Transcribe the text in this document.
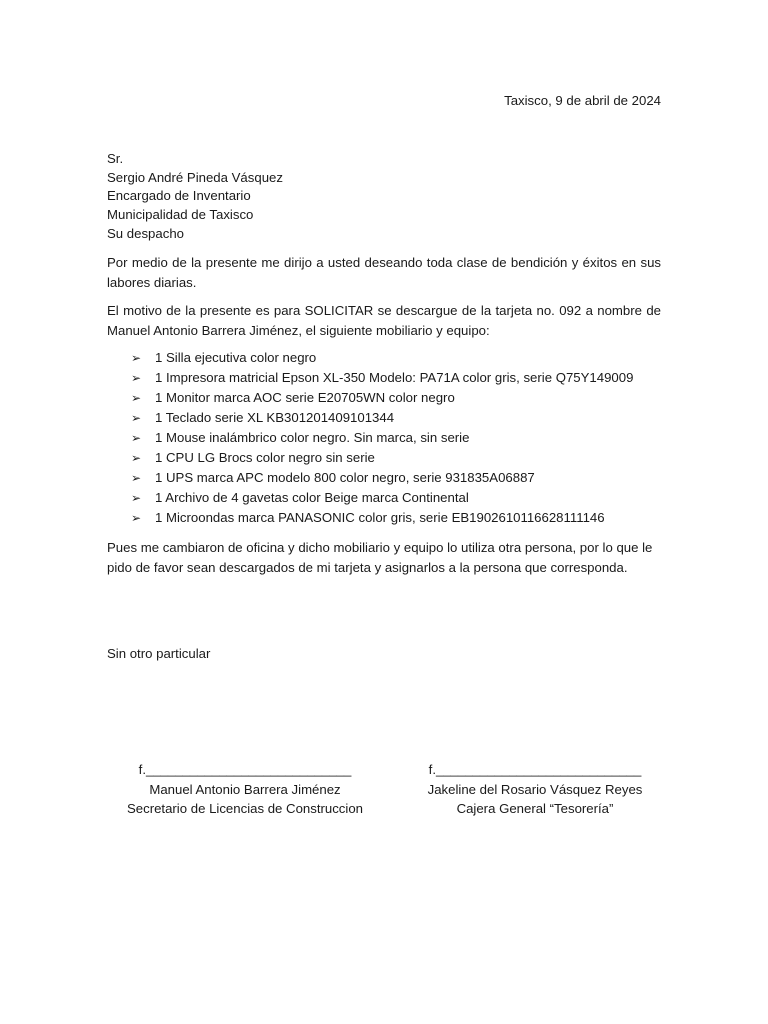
Taxisco, 9 de abril de 2024
Sr.
Sergio André Pineda Vásquez
Encargado de Inventario
Municipalidad de Taxisco
Su despacho

Por medio de la presente me dirijo a usted deseando toda clase de bendición y éxitos en sus labores diarias.

El motivo de la presente es para SOLICITAR se descargue de la tarjeta no. 092 a nombre de Manuel Antonio Barrera Jiménez, el siguiente mobiliario y equipo:

➢ 1 Silla ejecutiva color negro
➢ 1 Impresora matricial Epson XL-350 Modelo: PA71A color gris, serie Q75Y149009
➢ 1 Monitor marca AOC serie E20705WN color negro
➢ 1 Teclado serie XL KB301201409101344
➢ 1 Mouse inalámbrico color negro. Sin marca, sin serie
➢ 1 CPU LG Brocs color negro sin serie
➢ 1 UPS marca APC modelo 800 color negro, serie 931835A06887
➢ 1 Archivo de 4 gavetas color Beige marca Continental
➢ 1 Microondas marca PANASONIC color gris, serie EB1902610116628111146

Pues me cambiaron de oficina y dicho mobiliario y equipo lo utiliza otra persona, por lo que le pido de favor sean descargados de mi tarjeta y asignarlos a la persona que corresponda.

Sin otro particular
f.____________________________
Manuel Antonio Barrera Jiménez
Secretario de Licencias de Construccion
f.____________________________
Jakeline del Rosario Vásquez Reyes
Cajera General “Tesorería”
